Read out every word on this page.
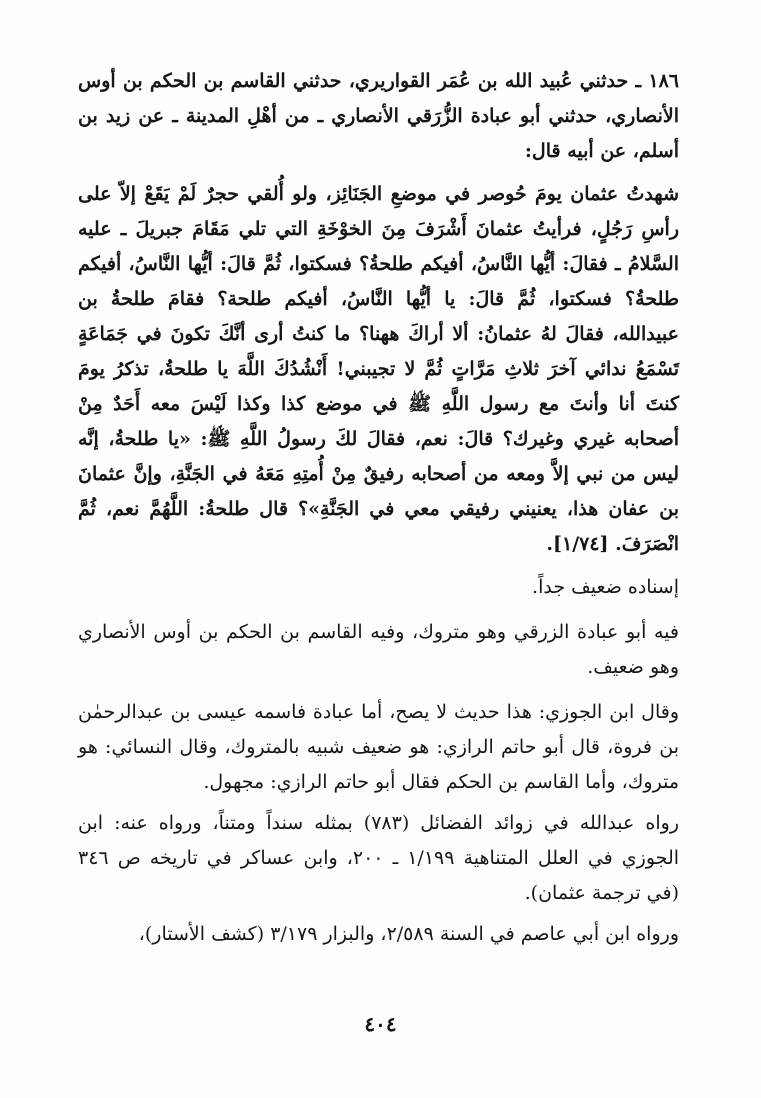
١٨٦ ـ حدثني عُبيد الله بن عُمَر القواريري، حدثني القاسم بن الحكم بن أوس الأنصاري، حدثني أبو عبادة الزُّرَقي الأنصاري ـ من أهْلِ المدينة ـ عن زيد بن أسلم، عن أبيه قال:

شهدتُ عثمان يومَ حُوصر في موضعِ الجَنَائِز، ولو أُلقي حجرٌ لَمْ يَقَعْ إلاّ على رأسِ رَجُلٍ، فرأيتُ عثمانَ أَشْرَفَ مِنَ الخوْخَةِ التي تلي مَقَامَ جبريلَ ـ عليه السَّلامُ ـ فقالَ: أيُّها النَّاسُ، أفيكم طلحةُ؟ فسكتوا، ثُمَّ قالَ: أيُّها النَّاسُ، أفيكم طلحةُ؟ فسكتوا، ثُمَّ قالَ: يا أيُّها النَّاسُ، أفيكم طلحة؟ فقامَ طلحةُ بن عبيدالله، فقالَ لهُ عثمانُ: ألا أراكَ ههنا؟ ما كنتُ أرى أنَّكَ تكونَ في جَمَاعَةٍ تَسْمَعُ ندائي آخرَ ثلاثِ مَرَّاتٍ ثُمَّ لا تجيبني! أَنْشُدُكَ اللَّهَ يا طلحةُ، تذكرُ يومَ كنتَ أنا وأنتَ مع رسول اللَّهِ ﷺ في موضع كذا وكذا لَيْسَ معه أَحَدٌ مِنْ أصحابه غيري وغيرك؟ قالَ: نعم، فقالَ لكَ رسولُ اللَّهِ ﷺ: «يا طلحةُ، إنَّه ليس من نبي إلاَّ ومعه من أصحابه رفيقٌ مِنْ أُمتِهِ مَعَهُ في الجَنَّةِ، وإنَّ عثمانَ بن عفان هذا، يعنيني رفيقي معي في الجَنَّةِ»؟ قال طلحةُ: اللَّهُمَّ نعم، ثُمَّ انْصَرَفَ. [١/٧٤].

إسناده ضعيف جداً.

فيه أبو عبادة الزرقي وهو متروك، وفيه القاسم بن الحكم بن أوس الأنصاري وهو ضعيف.

وقال ابن الجوزي: هذا حديث لا يصح، أما عبادة فاسمه عيسى بن عبدالرحمٰن بن فروة، قال أبو حاتم الرازي: هو ضعيف شبيه بالمتروك، وقال النسائي: هو متروك، وأما القاسم بن الحكم فقال أبو حاتم الرازي: مجهول.

رواه عبدالله في زوائد الفضائل (٧٨٣) بمثله سنداً ومتناً، ورواه عنه: ابن الجوزي في العلل المتناهية ١/١٩٩ ـ ٢٠٠، وابن عساكر في تاريخه ص ٣٤٦ (في ترجمة عثمان).

ورواه ابن أبي عاصم في السنة ٢/٥٨٩، والبزار ٣/١٧٩ (كشف الأستار)،

٤٠٤
